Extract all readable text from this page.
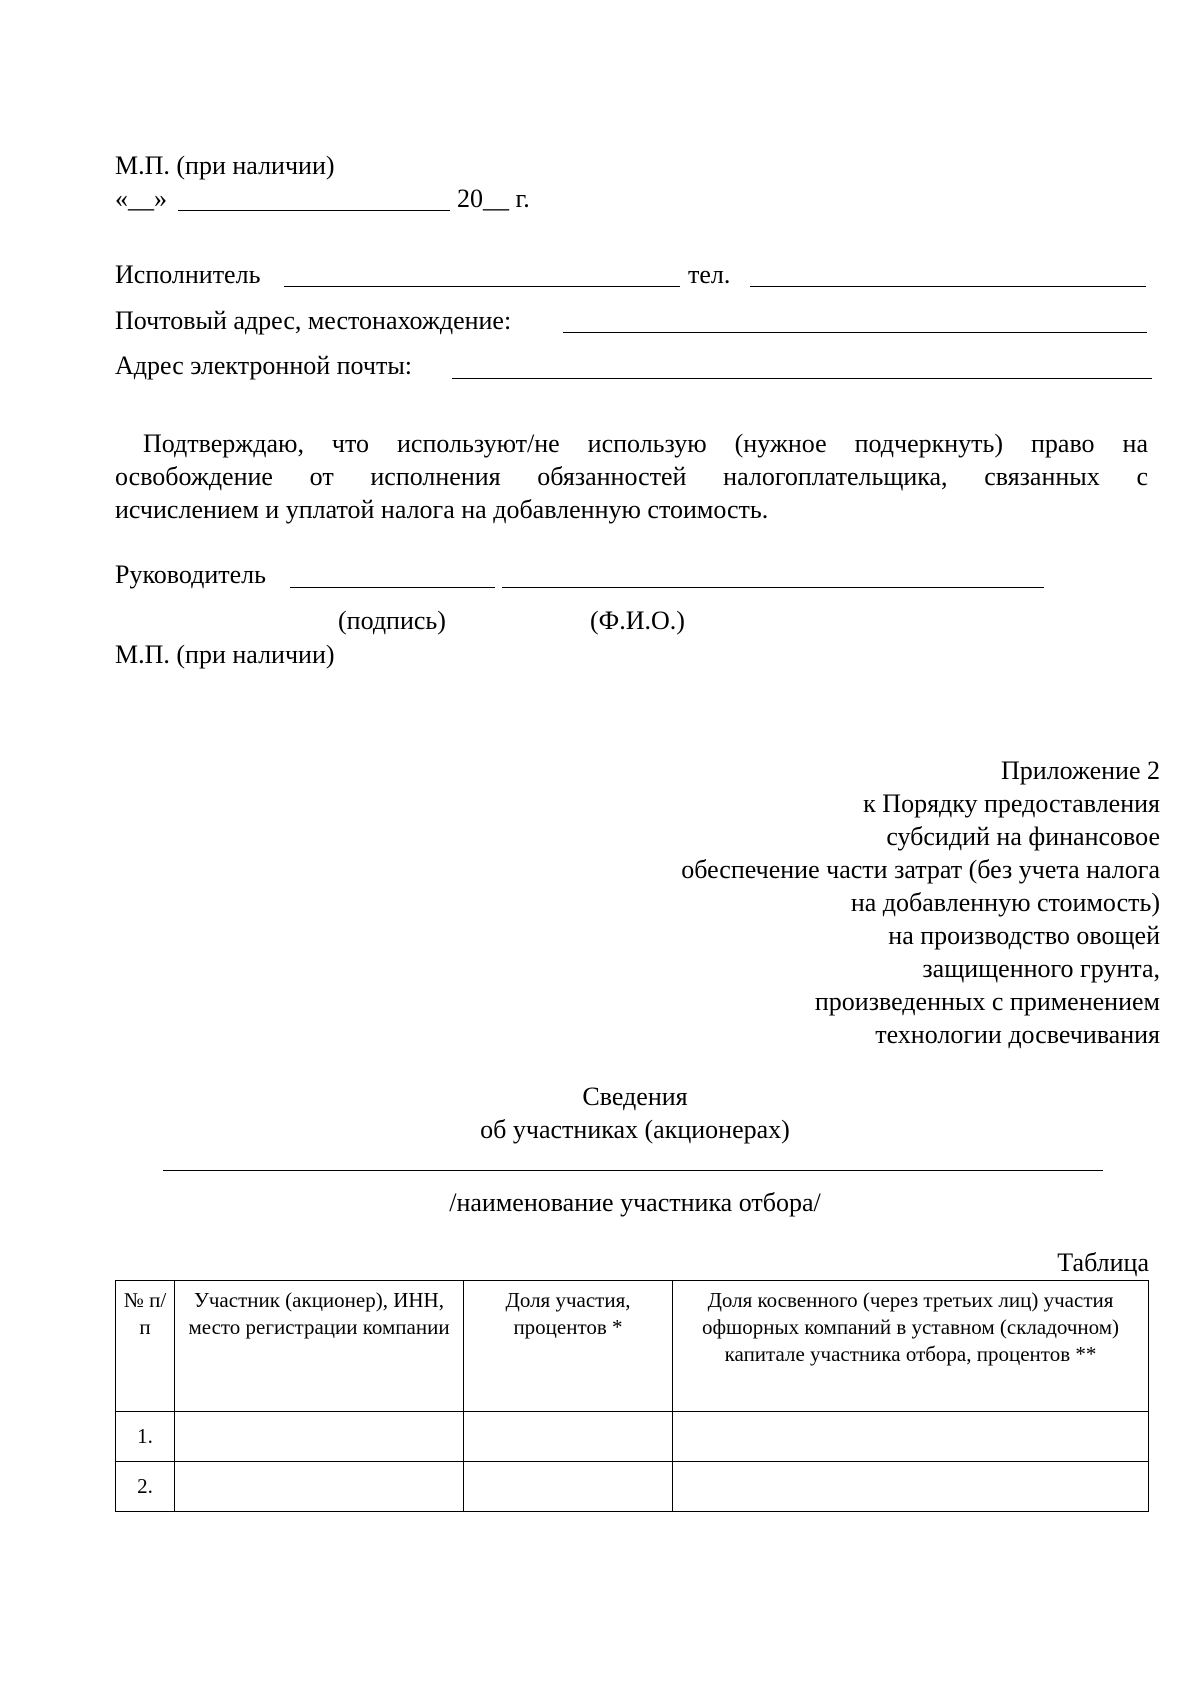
М.П. (при наличии)
«__»	20__ г.
Исполнитель	тел.
Почтовый адрес, местонахождение:
Адрес электронной почты:
Подтверждаю, что используют/не использую (нужное подчеркнуть) право на
освобождение от исполнения обязанностей налогоплательщика, связанных с
исчислением и уплатой налога на добавленную стоимость.
Руководитель
(подпись)	(Ф.И.О.)
М.П. (при наличии)
Приложение 2
к Порядку предоставления
субсидий на финансовое
обеспечение части затрат (без учета налога
на добавленную стоимость)
на производство овощей
защищенного грунта,
произведенных с применением
технологии досвечивания
Сведения
об участниках (акционерах)
/наименование участника отбора/
Таблица
№ п/п	Участник (акционер), ИНН, место регистрации компании	Доля участия, процентов *	Доля косвенного (через третьих лиц) участия офшорных компаний в уставном (складочном) капитале участника отбора, процентов **
1.			
2.			
